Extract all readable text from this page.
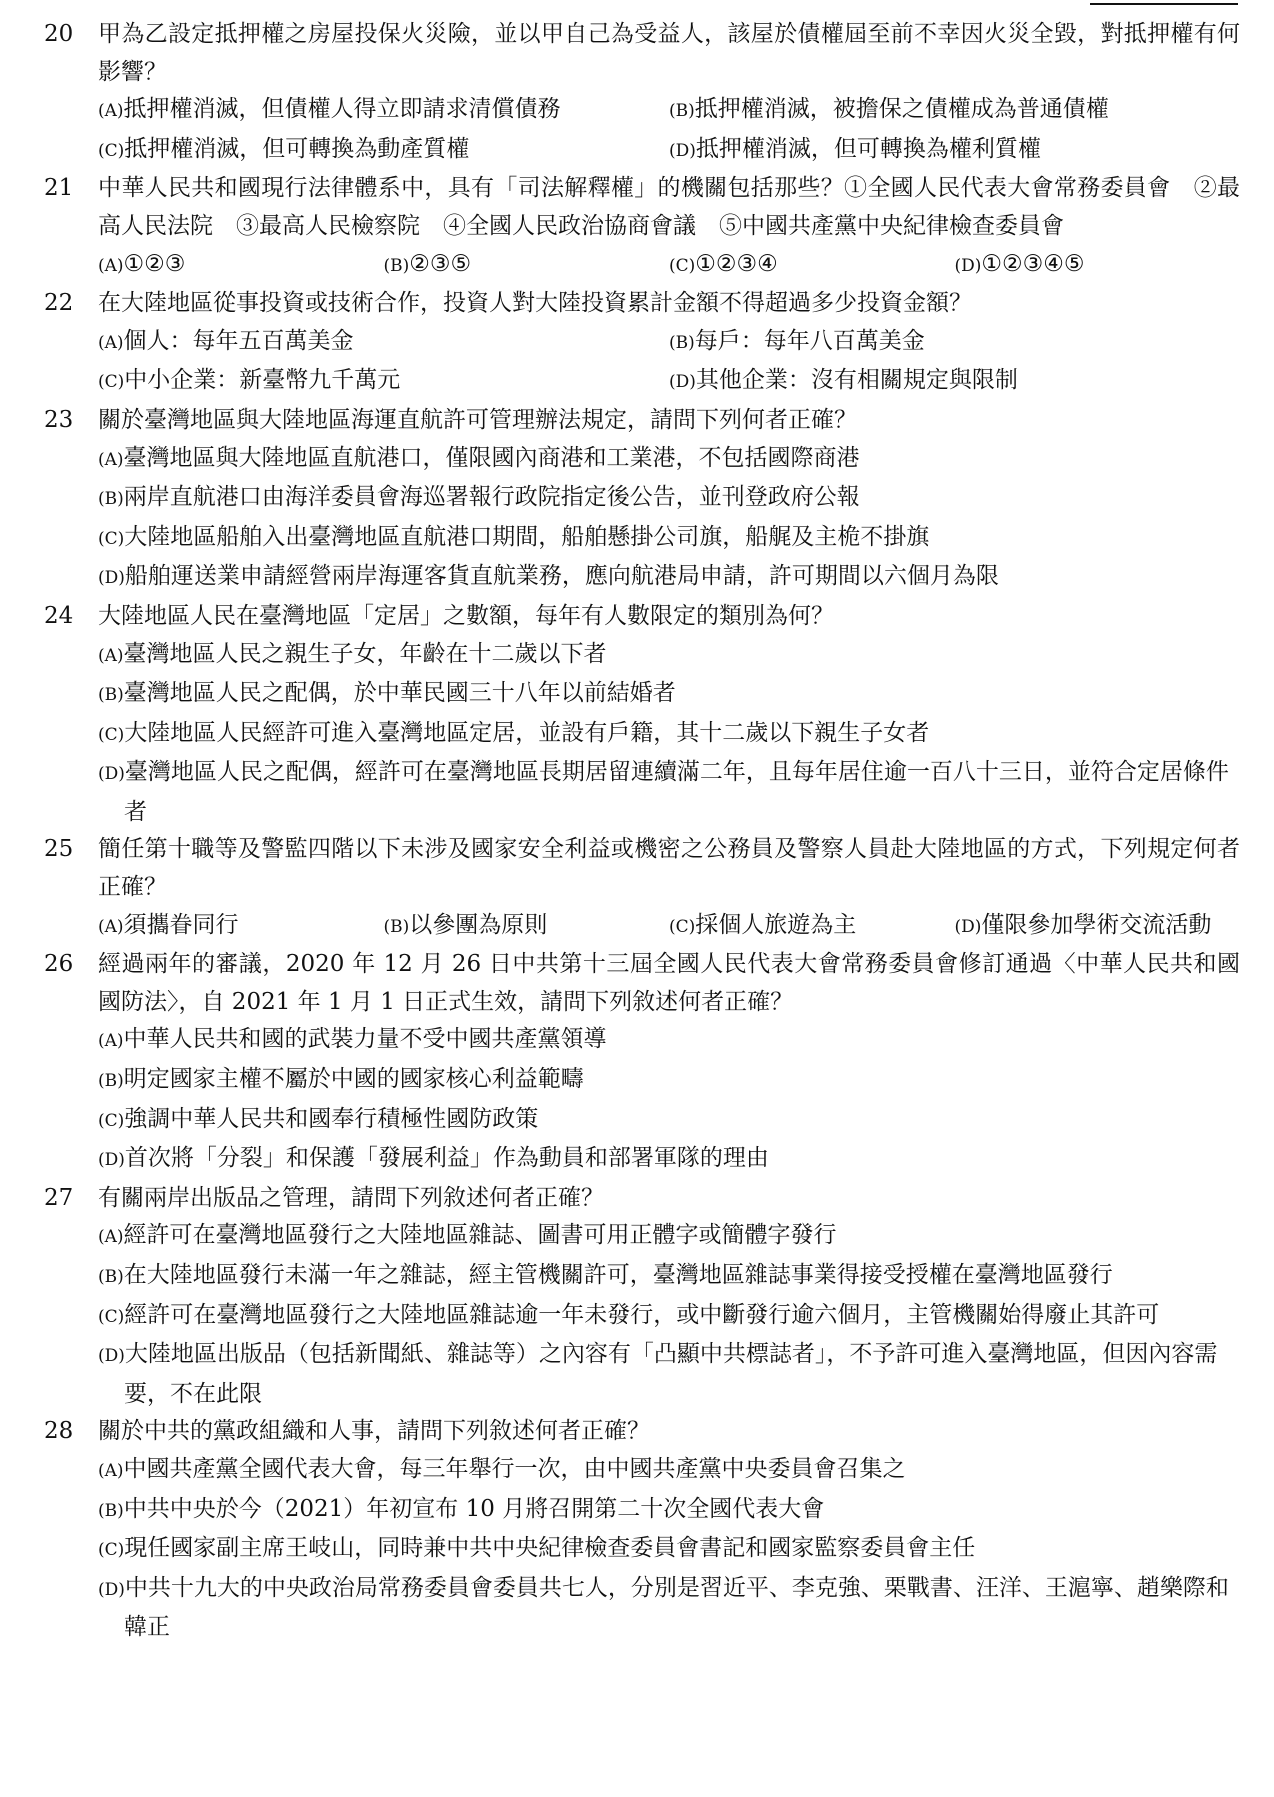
20 甲為乙設定抵押權之房屋投保火災險，並以甲自己為受益人，該屋於債權屆至前不幸因火災全毀，對抵押權有何影響？
(A)抵押權消滅，但債權人得立即請求清償債務	(B)抵押權消滅，被擔保之債權成為普通債權
(C)抵押權消滅，但可轉換為動產質權	(D)抵押權消滅，但可轉換為權利質權
21 中華人民共和國現行法律體系中，具有「司法解釋權」的機關包括那些？①全國人民代表大會常務委員會　②最高人民法院　③最高人民檢察院　④全國人民政治協商會議　⑤中國共產黨中央紀律檢查委員會
(A)①②③	(B)②③⑤	(C)①②③④	(D)①②③④⑤
22 在大陸地區從事投資或技術合作，投資人對大陸投資累計金額不得超過多少投資金額？
(A)個人：每年五百萬美金	(B)每戶：每年八百萬美金
(C)中小企業：新臺幣九千萬元	(D)其他企業：沒有相關規定與限制
23 關於臺灣地區與大陸地區海運直航許可管理辦法規定，請問下列何者正確？
(A)臺灣地區與大陸地區直航港口，僅限國內商港和工業港，不包括國際商港
(B)兩岸直航港口由海洋委員會海巡署報行政院指定後公告，並刊登政府公報
(C)大陸地區船舶入出臺灣地區直航港口期間，船舶懸掛公司旗，船艉及主桅不掛旗
(D)船舶運送業申請經營兩岸海運客貨直航業務，應向航港局申請，許可期間以六個月為限
24 大陸地區人民在臺灣地區「定居」之數額，每年有人數限定的類別為何？
(A)臺灣地區人民之親生子女，年齡在十二歲以下者
(B)臺灣地區人民之配偶，於中華民國三十八年以前結婚者
(C)大陸地區人民經許可進入臺灣地區定居，並設有戶籍，其十二歲以下親生子女者
(D)臺灣地區人民之配偶，經許可在臺灣地區長期居留連續滿二年，且每年居住逾一百八十三日，並符合定居條件者
25 簡任第十職等及警監四階以下未涉及國家安全利益或機密之公務員及警察人員赴大陸地區的方式，下列規定何者正確？
(A)須攜眷同行	(B)以參團為原則	(C)採個人旅遊為主	(D)僅限參加學術交流活動
26 經過兩年的審議，2020 年 12 月 26 日中共第十三屆全國人民代表大會常務委員會修訂通過〈中華人民共和國國防法〉，自 2021 年 1 月 1 日正式生效，請問下列敘述何者正確？
(A)中華人民共和國的武裝力量不受中國共產黨領導
(B)明定國家主權不屬於中國的國家核心利益範疇
(C)強調中華人民共和國奉行積極性國防政策
(D)首次將「分裂」和保護「發展利益」作為動員和部署軍隊的理由
27 有關兩岸出版品之管理，請問下列敘述何者正確？
(A)經許可在臺灣地區發行之大陸地區雜誌、圖書可用正體字或簡體字發行
(B)在大陸地區發行未滿一年之雜誌，經主管機關許可，臺灣地區雜誌事業得接受授權在臺灣地區發行
(C)經許可在臺灣地區發行之大陸地區雜誌逾一年未發行，或中斷發行逾六個月，主管機關始得廢止其許可
(D)大陸地區出版品（包括新聞紙、雜誌等）之內容有「凸顯中共標誌者」，不予許可進入臺灣地區，但因內容需要，不在此限
28 關於中共的黨政組織和人事，請問下列敘述何者正確？
(A)中國共產黨全國代表大會，每三年舉行一次，由中國共產黨中央委員會召集之
(B)中共中央於今（2021）年初宣布 10 月將召開第二十次全國代表大會
(C)現任國家副主席王岐山，同時兼中共中央紀律檢查委員會書記和國家監察委員會主任
(D)中共十九大的中央政治局常務委員會委員共七人，分別是習近平、李克強、栗戰書、汪洋、王滬寧、趙樂際和韓正
